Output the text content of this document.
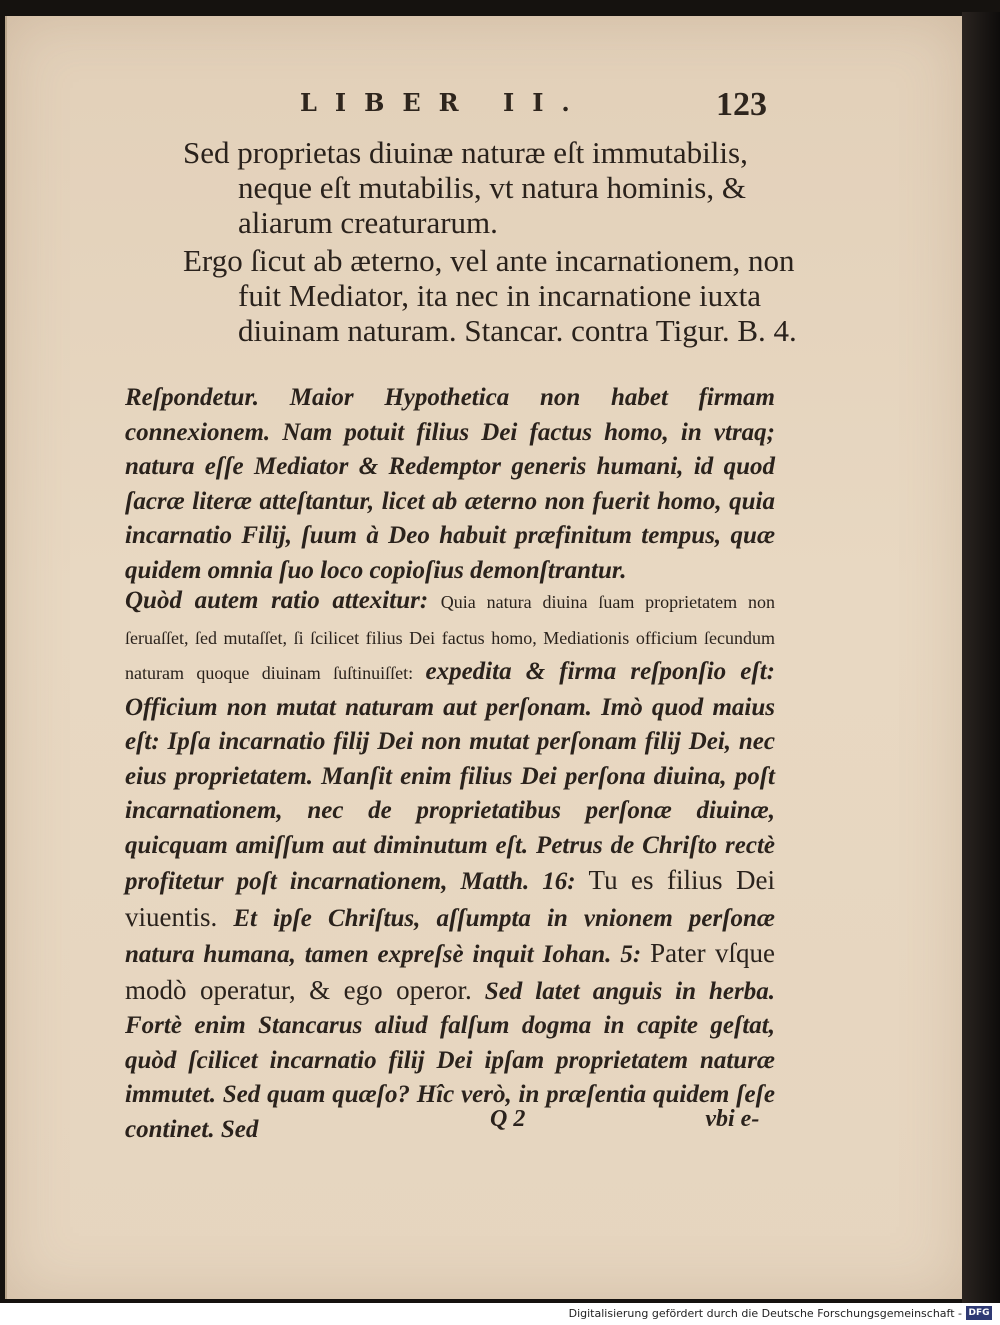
LIBER II.	123
Sed proprietas diuinæ naturæ eſt immutabilis, neque eſt mutabilis, vt natura hominis, & aliarum creaturarum.
Ergo ſicut ab æterno, vel ante incarnationem, non fuit Mediator, ita nec in incarnatione iuxta diuinam naturam. Stancar. contra Tigur. B. 4.
Reſpondetur. Maior Hypothetica non habet firmam connexionem. Nam potuit filius Dei factus homo, in vtraq; natura eſſe Mediator & Redemptor generis humani, id quod ſacræ literæ atteſtantur, licet ab æterno non fuerit homo, quia incarnatio Filij, ſuum à Deo habuit præfinitum tempus, quæ quidem omnia ſuo loco copioſius demonſtrantur.
Quòd autem ratio attexitur: Quia natura diuina ſuam proprietatem non ſeruaſſet, ſed mutaſſet, ſi ſcilicet filius Dei factus homo, Mediationis officium ſecundum naturam quoque diuinam ſuſtinuiſſet: expedita & firma reſponſio eſt: Officium non mutat naturam aut perſonam. Imò quod maius eſt: Ipſa incarnatio filij Dei non mutat perſonam filij Dei, nec eius proprietatem. Manſit enim filius Dei perſona diuina, poſt incarnationem, nec de proprietatibus perſonæ diuinæ, quicquam amiſſum aut diminutum eſt. Petrus de Chriſto rectè profitetur poſt incarnationem, Matth. 16: Tu es filius Dei viuentis. Et ipſe Chriſtus, aſſumpta in vnionem perſonæ natura humana, tamen expreſsè inquit Iohan. 5: Pater vſque modò operatur, & ego operor. Sed latet anguis in herba. Fortè enim Stancarus aliud falſum dogma in capite geſtat, quòd ſcilicet incarnatio filij Dei ipſam proprietatem naturæ immutet. Sed quam quæſo? Hîc verò, in præſentia quidem ſeſe continet. Sed	Q 2	vbi e-
Digitalisierung gefördert durch die Deutsche Forschungsgemeinschaft - DFG
